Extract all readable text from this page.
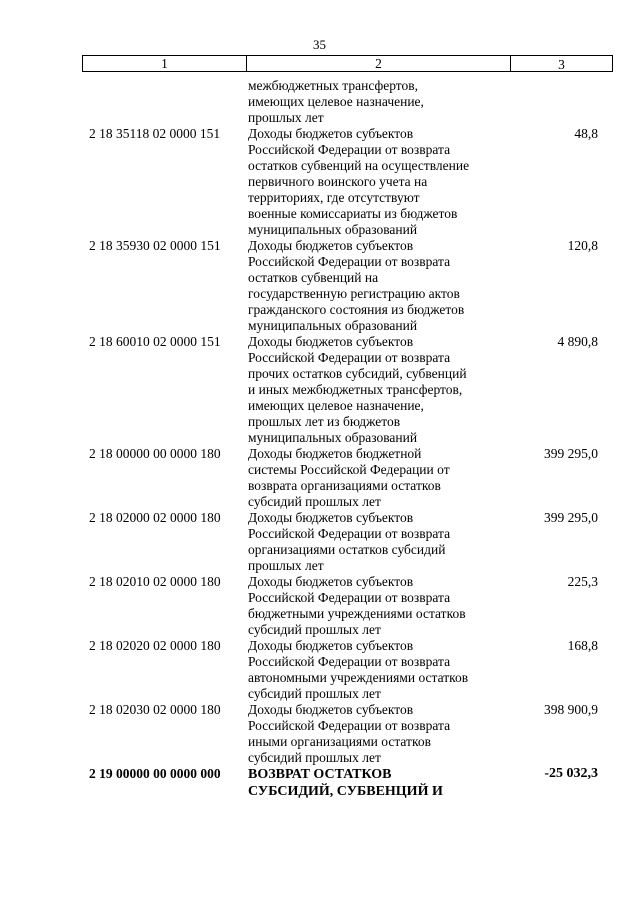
35
1	2	3
межбюджетных трансфертов,
имеющих целевое назначение,
прошлых лет
2 18 35118 02 0000 151	Доходы бюджетов субъектов
Российской Федерации от возврата
остатков субвенций на осуществление
первичного воинского учета на
территориях, где отсутствуют
военные комиссариаты из бюджетов
муниципальных образований
48,8
2 18 35930 02 0000 151	Доходы бюджетов субъектов
Российской Федерации от возврата
остатков субвенций на
государственную регистрацию актов
гражданского состояния из бюджетов
муниципальных образований
120,8
2 18 60010 02 0000 151	Доходы бюджетов субъектов
Российской Федерации от возврата
прочих остатков субсидий, субвенций
и иных межбюджетных трансфертов,
имеющих целевое назначение,
прошлых лет из бюджетов
муниципальных образований
4 890,8
2 18 00000 00 0000 180	Доходы бюджетов бюджетной
системы Российской Федерации от
возврата организациями остатков
субсидий прошлых лет
399 295,0
2 18 02000 02 0000 180	Доходы бюджетов субъектов
Российской Федерации от возврата
организациями остатков субсидий
прошлых лет
399 295,0
2 18 02010 02 0000 180	Доходы бюджетов субъектов
Российской Федерации от возврата
бюджетными учреждениями остатков
субсидий прошлых лет
225,3
2 18 02020 02 0000 180	Доходы бюджетов субъектов
Российской Федерации от возврата
автономными учреждениями остатков
субсидий прошлых лет
168,8
2 18 02030 02 0000 180	Доходы бюджетов субъектов
Российской Федерации от возврата
иными организациями остатков
субсидий прошлых лет
398 900,9
2 19 00000 00 0000 000	ВОЗВРАТ ОСТАТКОВ
СУБСИДИЙ, СУБВЕНЦИЙ И
-25 032,3
